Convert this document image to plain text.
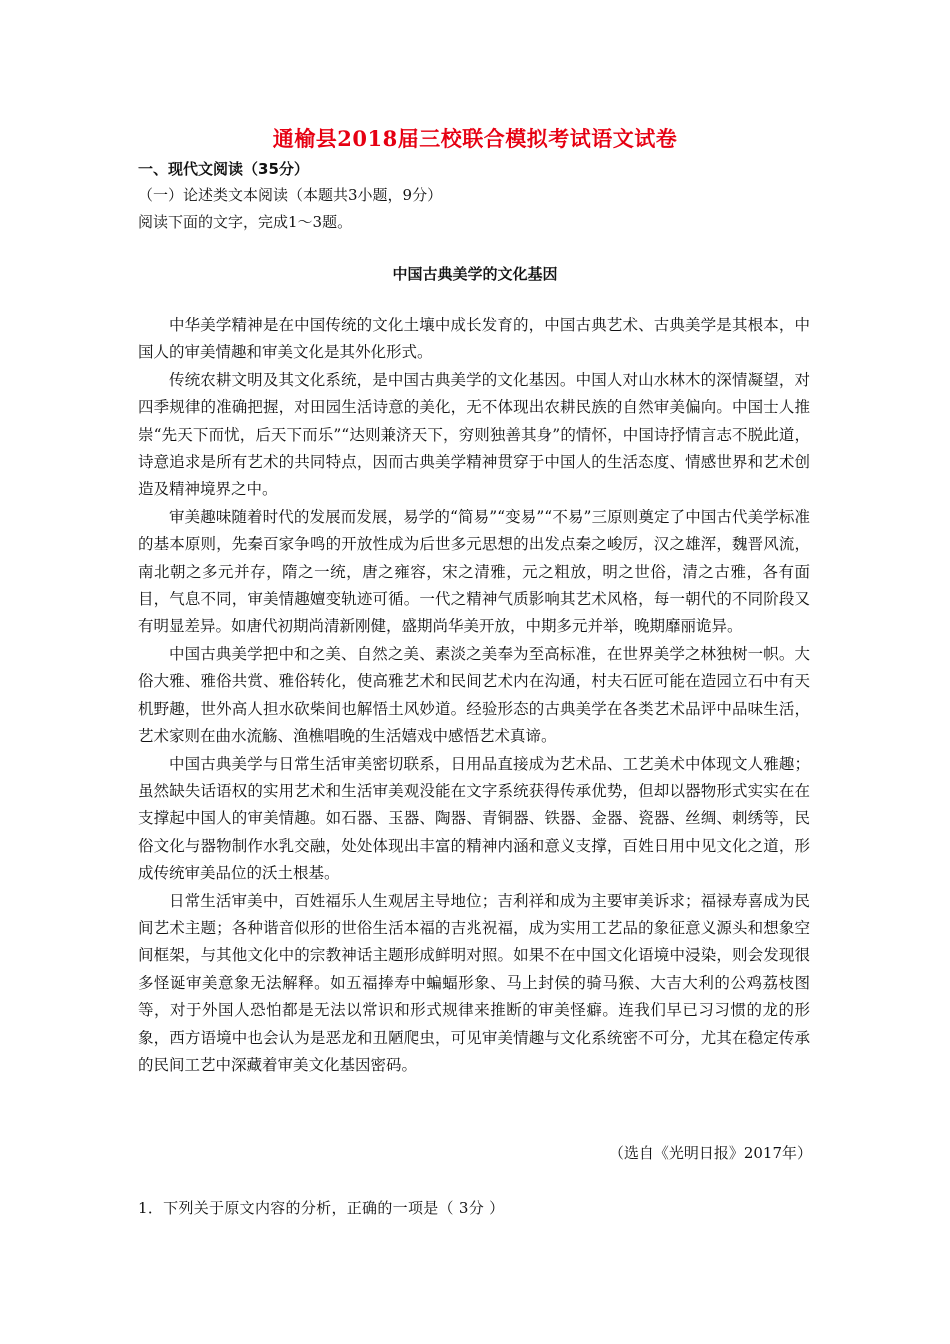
通榆县2018届三校联合模拟考试语文试卷
一、现代文阅读（35分）
（一）论述类文本阅读（本题共3小题，9分）
阅读下面的文字，完成1～3题。
中国古典美学的文化基因

中华美学精神是在中国传统的文化土壤中成长发育的，中国古典艺术、古典美学是其根本，中国人的审美情趣和审美文化是其外化形式。

传统农耕文明及其文化系统，是中国古典美学的文化基因。中国人对山水林木的深情凝望，对四季规律的准确把握，对田园生活诗意的美化，无不体现出农耕民族的自然审美偏向。中国士人推崇“先天下而忧，后天下而乐”“达则兼济天下，穷则独善其身”的情怀，中国诗抒情言志不脱此道，诗意追求是所有艺术的共同特点，因而古典美学精神贯穿于中国人的生活态度、情感世界和艺术创造及精神境界之中。

审美趣味随着时代的发展而发展，易学的“简易”“变易”“不易”三原则奠定了中国古代美学标准的基本原则，先秦百家争鸣的开放性成为后世多元思想的出发点秦之峻厉，汉之雄浑，魏晋风流，南北朝之多元并存，隋之一统，唐之雍容，宋之清雅，元之粗放，明之世俗，清之古雅，各有面目，气息不同，审美情趣嬗变轨迹可循。一代之精神气质影响其艺术风格，每一朝代的不同阶段又有明显差异。如唐代初期尚清新刚健，盛期尚华美开放，中期多元并举，晚期靡丽诡异。

中国古典美学把中和之美、自然之美、素淡之美奉为至高标准，在世界美学之林独树一帜。大俗大雅、雅俗共赏、雅俗转化，使高雅艺术和民间艺术内在沟通，村夫石匠可能在造园立石中有天机野趣，世外高人担水砍柴间也解悟土风妙道。经验形态的古典美学在各类艺术品评中品味生活，艺术家则在曲水流觞、渔樵唱晚的生活嬉戏中感悟艺术真谛。

中国古典美学与日常生活审美密切联系，日用品直接成为艺术品、工艺美术中体现文人雅趣；虽然缺失话语权的实用艺术和生活审美观没能在文字系统获得传承优势，但却以器物形式实实在在支撑起中国人的审美情趣。如石器、玉器、陶器、青铜器、铁器、金器、瓷器、丝绸、刺绣等，民俗文化与器物制作水乳交融，处处体现出丰富的精神内涵和意义支撑，百姓日用中见文化之道，形成传统审美品位的沃土根基。

日常生活审美中，百姓福乐人生观居主导地位；吉利祥和成为主要审美诉求；福禄寿喜成为民间艺术主题；各种谐音似形的世俗生活本福的吉兆祝福，成为实用工艺品的象征意义源头和想象空间框架，与其他文化中的宗教神话主题形成鲜明对照。如果不在中国文化语境中浸染，则会发现很多怪诞审美意象无法解释。如五福捧寿中蝙蝠形象、马上封侯的骑马猴、大吉大利的公鸡荔枝图等，对于外国人恐怕都是无法以常识和形式规律来推断的审美怪癖。连我们早已习习惯的龙的形象，西方语境中也会认为是恶龙和丑陋爬虫，可见审美情趣与文化系统密不可分，尤其在稳定传承的民间工艺中深藏着审美文化基因密码。

（选自《光明日报》2017年）
1．下列关于原文内容的分析，正确的一项是（ 3分 ）
